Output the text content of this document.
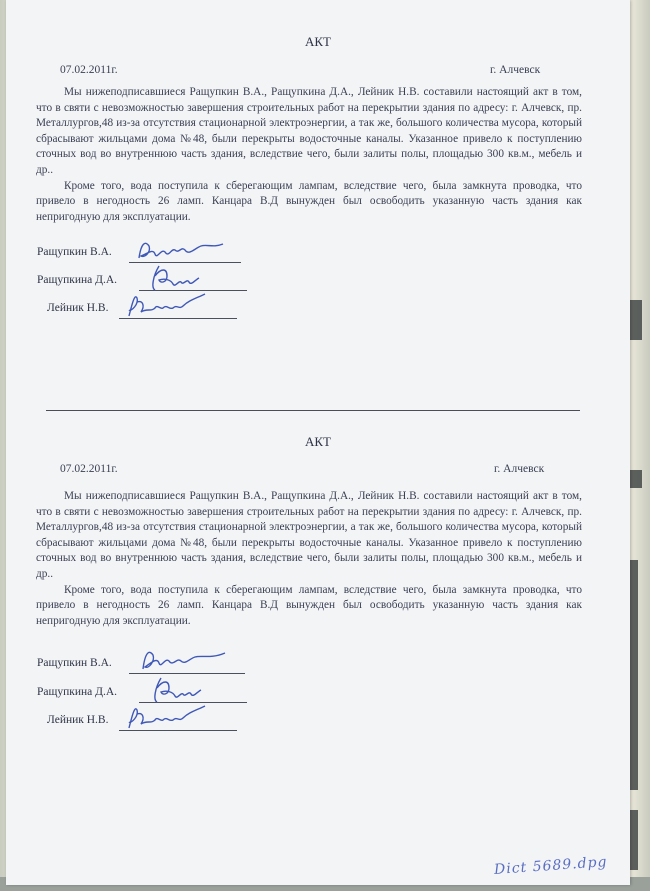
АКТ
07.02.2011г.	г. Алчевск

Мы нижеподписавшиеся Ращупкин В.А., Ращупкина Д.А., Лейник Н.В. составили настоящий акт в том, что в святи с невозможностью завершения строительных работ на перекрытии здания по адресу: г. Алчевск, пр. Металлургов,48 из-за отсутствия стационарной электроэнергии, а так же, большого количества мусора, который сбрасывают жильцами дома №48, были перекрыты водосточные каналы. Указанное привело к поступлению сточных вод во внутреннюю часть здания, вследствие чего, были залиты полы, площадью 300 кв.м., мебель и др..

Кроме того, вода поступила к сберегающим лампам, вследствие чего, была замкнута проводка, что привело в негодность 26 ламп. Канцара В.Д вынужден был освободить указанную часть здания как непригодную для эксплуатации.

Ращупкин В.А.
Ращупкина Д.А.
Лейник Н.В.
АКТ
07.02.2011г.	г. Алчевск

Мы нижеподписавшиеся Ращупкин В.А., Ращупкина Д.А., Лейник Н.В. составили настоящий акт в том, что в святи с невозможностью завершения строительных работ на перекрытии здания по адресу: г. Алчевск, пр. Металлургов,48 из-за отсутствия стационарной электроэнергии, а так же, большого количества мусора, который сбрасывают жильцами дома №48, были перекрыты водосточные каналы. Указанное привело к поступлению сточных вод во внутреннюю часть здания, вследствие чего, были залиты полы, площадью 300 кв.м., мебель и др..

Кроме того, вода поступила к сберегающим лампам, вследствие чего, была замкнута проводка, что привело в негодность 26 ламп. Канцара В.Д вынужден был освободить указанную часть здания как непригодную для эксплуатации.

Ращупкин В.А.
Ращупкина Д.А.
Лейник Н.В.
Dict 5689.dpg
